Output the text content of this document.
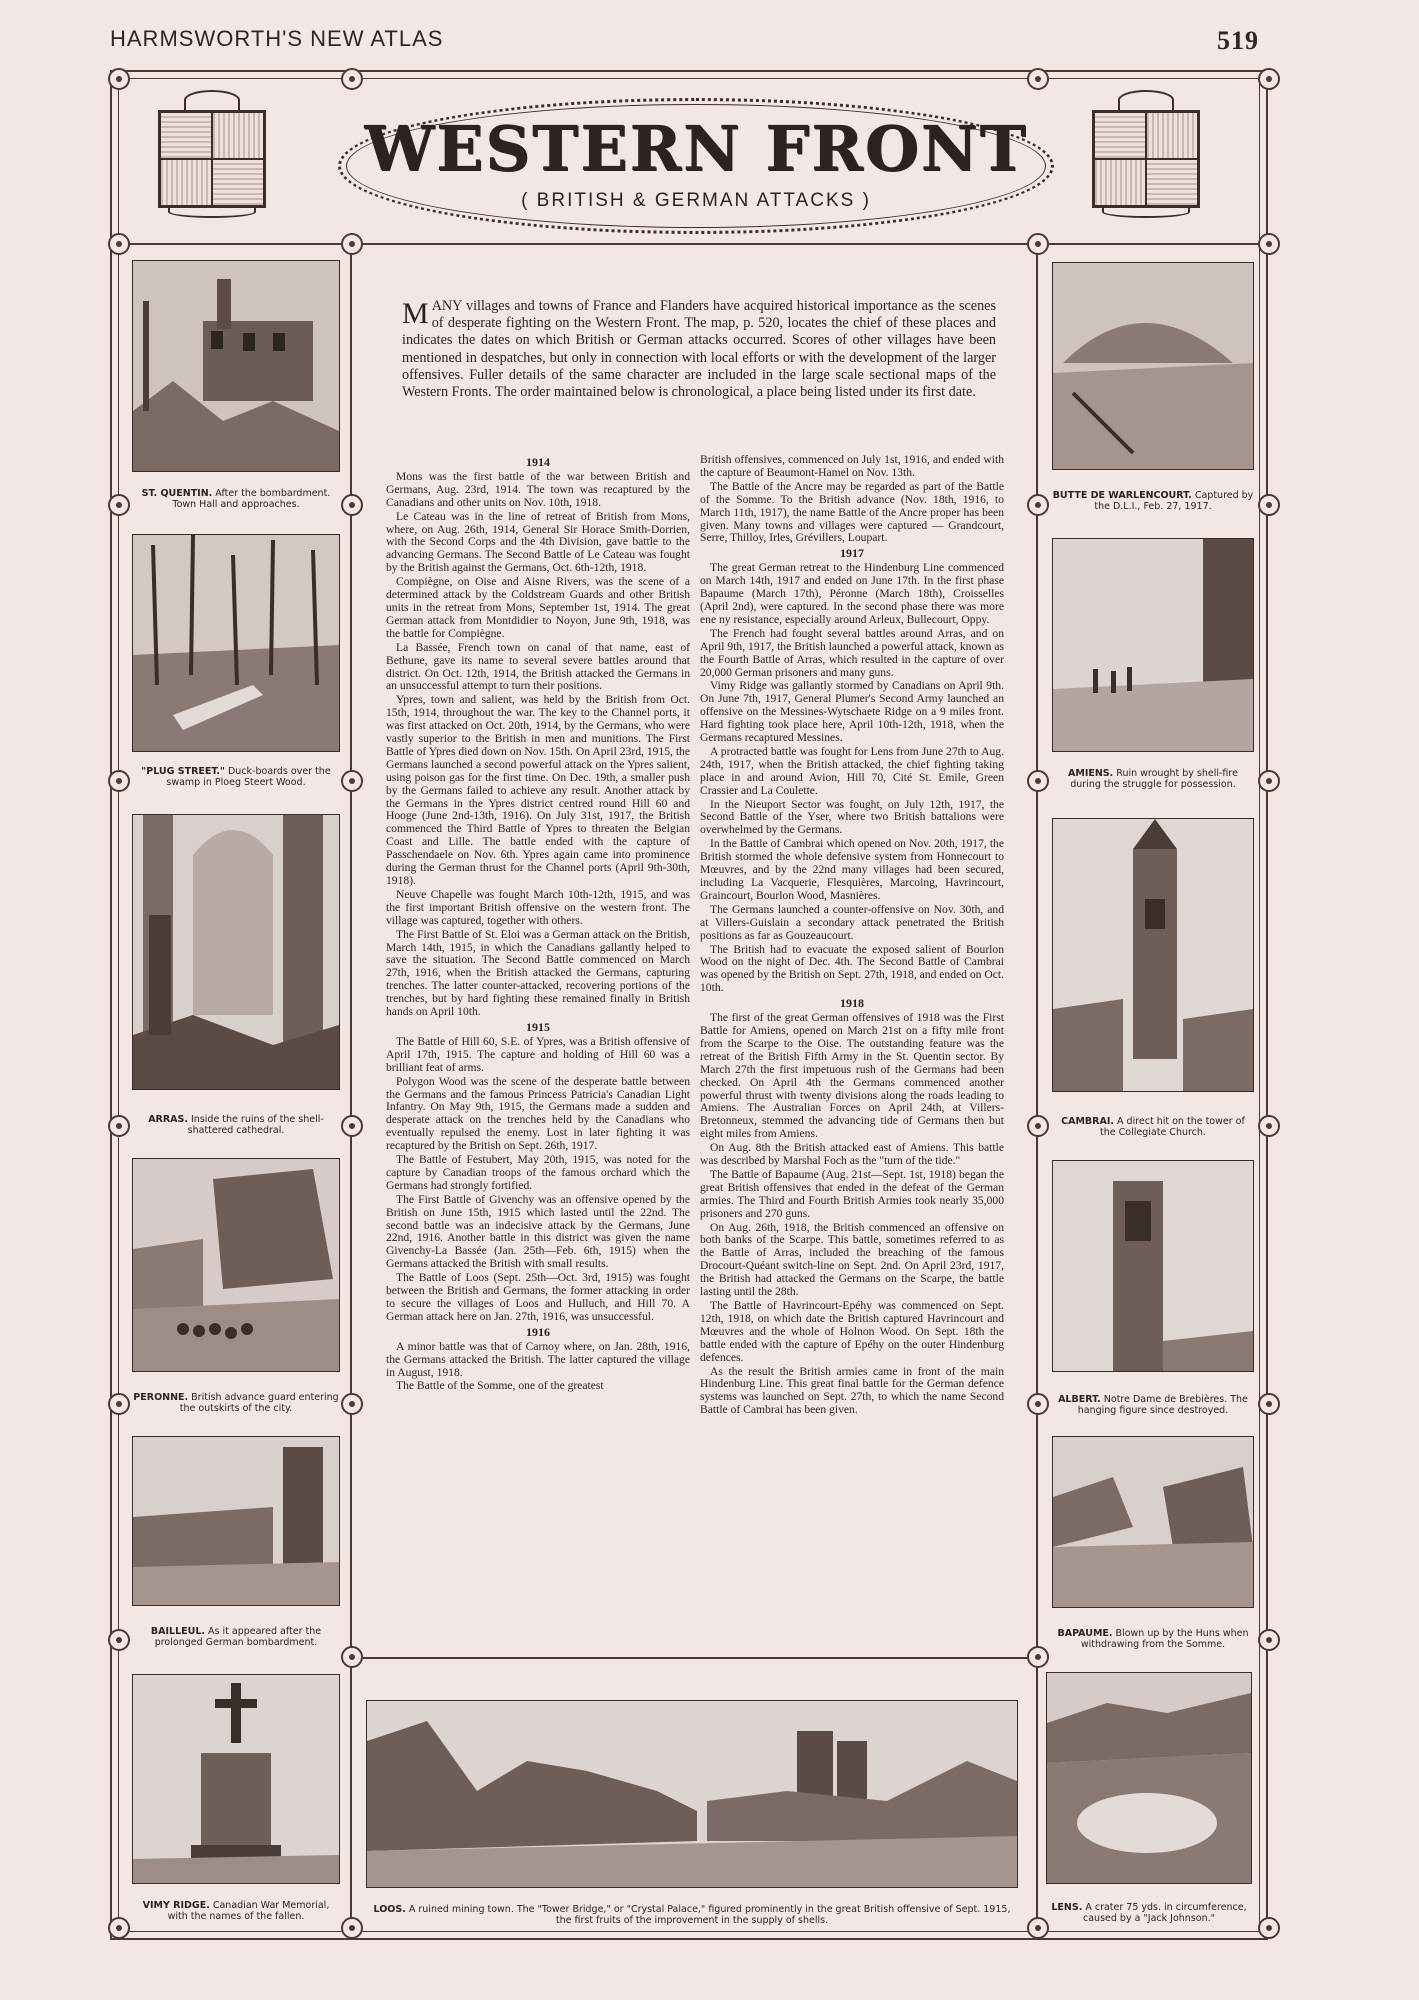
HARMSWORTH'S NEW ATLAS	519
WESTERN FRONT
( BRITISH & GERMAN ATTACKS )
ST. QUENTIN. After the bombardment. Town Hall and approaches.
"PLUG STREET." Duck-boards over the swamp in Ploeg Steert Wood.
ARRAS. Inside the ruins of the shell-shattered cathedral.
PERONNE. British advance guard entering the outskirts of the city.
BAILLEUL. As it appeared after the prolonged German bombardment.
VIMY RIDGE. Canadian War Memorial, with the names of the fallen.
BUTTE DE WARLENCOURT. Captured by the D.L.I., Feb. 27, 1917.
AMIENS. Ruin wrought by shell-fire during the struggle for possession.
CAMBRAI. A direct hit on the tower of the Collegiate Church.
ALBERT. Notre Dame de Brebières. The hanging figure since destroyed.
BAPAUME. Blown up by the Huns when withdrawing from the Somme.
LENS. A crater 75 yds. in circumference, caused by a "Jack Johnson."
LOOS. A ruined mining town. The "Tower Bridge," or "Crystal Palace," figured prominently in the great British offensive of Sept. 1915, the first fruits of the improvement in the supply of shells.
MANY villages and towns of France and Flanders have acquired historical importance as the scenes of desperate fighting on the Western Front. The map, p. 520, locates the chief of these places and indicates the dates on which British or German attacks occurred. Scores of other villages have been mentioned in despatches, but only in connection with local efforts or with the development of the larger offensives. Fuller details of the same character are included in the large scale sectional maps of the Western Fronts. The order maintained below is chronological, a place being listed under its first date.

1914

Mons was the first battle of the war between British and Germans, Aug. 23rd, 1914. The town was recaptured by the Canadians and other units on Nov. 10th, 1918.

Le Cateau was in the line of retreat of British from Mons, where, on Aug. 26th, 1914, General Sir Horace Smith-Dorrien, with the Second Corps and the 4th Division, gave battle to the advancing Germans. The Second Battle of Le Cateau was fought by the British against the Germans, Oct. 6th-12th, 1918.

Compiègne, on Oise and Aisne Rivers, was the scene of a determined attack by the Coldstream Guards and other British units in the retreat from Mons, September 1st, 1914. The great German attack from Montdidier to Noyon, June 9th, 1918, was the battle for Compiègne.

La Bassée, French town on canal of that name, east of Bethune, gave its name to several severe battles around that district. On Oct. 12th, 1914, the British attacked the Germans in an unsuccessful attempt to turn their positions.

Ypres, town and salient, was held by the British from Oct. 15th, 1914, throughout the war. The key to the Channel ports, it was first attacked on Oct. 20th, 1914, by the Germans, who were vastly superior to the British in men and munitions. The First Battle of Ypres died down on Nov. 15th. On April 23rd, 1915, the Germans launched a second powerful attack on the Ypres salient, using poison gas for the first time. On Dec. 19th, a smaller push by the Germans failed to achieve any result. Another attack by the Germans in the Ypres district centred round Hill 60 and Hooge (June 2nd-13th, 1916). On July 31st, 1917, the British commenced the Third Battle of Ypres to threaten the Belgian Coast and Lille. The battle ended with the capture of Passchendaele on Nov. 6th. Ypres again came into prominence during the German thrust for the Channel ports (April 9th-30th, 1918).

Neuve Chapelle was fought March 10th-12th, 1915, and was the first important British offensive on the western front. The village was captured, together with others.

The First Battle of St. Eloi was a German attack on the British, March 14th, 1915, in which the Canadians gallantly helped to save the situation. The Second Battle commenced on March 27th, 1916, when the British attacked the Germans, capturing trenches. The latter counter-attacked, recovering portions of the trenches, but by hard fighting these remained finally in British hands on April 10th.

1915

The Battle of Hill 60, S.E. of Ypres, was a British offensive of April 17th, 1915. The capture and holding of Hill 60 was a brilliant feat of arms.

Polygon Wood was the scene of the desperate battle between the Germans and the famous Princess Patricia's Canadian Light Infantry. On May 9th, 1915, the Germans made a sudden and desperate attack on the trenches held by the Canadians who eventually repulsed the enemy. Lost in later fighting it was recaptured by the British on Sept. 26th, 1917.

The Battle of Festubert, May 20th, 1915, was noted for the capture by Canadian troops of the famous orchard which the Germans had strongly fortified.

The First Battle of Givenchy was an offensive opened by the British on June 15th, 1915 which lasted until the 22nd. The second battle was an indecisive attack by the Germans, June 22nd, 1916. Another battle in this district was given the name Givenchy-La Bassée (Jan. 25th—Feb. 6th, 1915) when the Germans attacked the British with small results.

The Battle of Loos (Sept. 25th—Oct. 3rd, 1915) was fought between the British and Germans, the former attacking in order to secure the villages of Loos and Hulluch, and Hill 70. A German attack here on Jan. 27th, 1916, was unsuccessful.

1916

A minor battle was that of Carnoy where, on Jan. 28th, 1916, the Germans attacked the British. The latter captured the village in August, 1918.

The Battle of the Somme, one of the greatest

British offensives, commenced on July 1st, 1916, and ended with the capture of Beaumont-Hamel on Nov. 13th.

The Battle of the Ancre may be regarded as part of the Battle of the Somme. To the British advance (Nov. 18th, 1916, to March 11th, 1917), the name Battle of the Ancre proper has been given. Many towns and villages were captured — Grandcourt, Serre, Thilloy, Irles, Grévillers, Loupart.

1917

The great German retreat to the Hindenburg Line commenced on March 14th, 1917 and ended on June 17th. In the first phase Bapaume (March 17th), Péronne (March 18th), Croisselles (April 2nd), were captured. In the second phase there was more ene ny resistance, especially around Arleux, Bullecourt, Oppy.

The French had fought several battles around Arras, and on April 9th, 1917, the British launched a powerful attack, known as the Fourth Battle of Arras, which resulted in the capture of over 20,000 German prisoners and many guns.

Vimy Ridge was gallantly stormed by Canadians on April 9th. On June 7th, 1917, General Plumer's Second Army launched an offensive on the Messines-Wytschaete Ridge on a 9 miles front. Hard fighting took place here, April 10th-12th, 1918, when the Germans recaptured Messines.

A protracted battle was fought for Lens from June 27th to Aug. 24th, 1917, when the British attacked, the chief fighting taking place in and around Avion, Hill 70, Cité St. Emile, Green Crassier and La Coulette.

In the Nieuport Sector was fought, on July 12th, 1917, the Second Battle of the Yser, where two British battalions were overwhelmed by the Germans.

In the Battle of Cambrai which opened on Nov. 20th, 1917, the British stormed the whole defensive system from Honnecourt to Mœuvres, and by the 22nd many villages had been secured, including La Vacquerie, Flesquières, Marcoing, Havrincourt, Graincourt, Bourlon Wood, Masnières.

The Germans launched a counter-offensive on Nov. 30th, and at Villers-Guislain a secondary attack penetrated the British positions as far as Gouzeaucourt.

The British had to evacuate the exposed salient of Bourlon Wood on the night of Dec. 4th. The Second Battle of Cambrai was opened by the British on Sept. 27th, 1918, and ended on Oct. 10th.

1918

The first of the great German offensives of 1918 was the First Battle for Amiens, opened on March 21st on a fifty mile front from the Scarpe to the Oise. The outstanding feature was the retreat of the British Fifth Army in the St. Quentin sector. By March 27th the first impetuous rush of the Germans had been checked. On April 4th the Germans commenced another powerful thrust with twenty divisions along the roads leading to Amiens. The Australian Forces on April 24th, at Villers-Bretonneux, stemmed the advancing tide of Germans then but eight miles from Amiens.

On Aug. 8th the British attacked east of Amiens. This battle was described by Marshal Foch as the "turn of the tide."

The Battle of Bapaume (Aug. 21st—Sept. 1st, 1918) began the great British offensives that ended in the defeat of the German armies. The Third and Fourth British Armies took nearly 35,000 prisoners and 270 guns.

On Aug. 26th, 1918, the British commenced an offensive on both banks of the Scarpe. This battle, sometimes referred to as the Battle of Arras, included the breaching of the famous Drocourt-Quéant switch-line on Sept. 2nd. On April 23rd, 1917, the British had attacked the Germans on the Scarpe, the battle lasting until the 28th.

The Battle of Havrincourt-Epéhy was commenced on Sept. 12th, 1918, on which date the British captured Havrincourt and Mœuvres and the whole of Holnon Wood. On Sept. 18th the battle ended with the capture of Epéhy on the outer Hindenburg defences.

As the result the British armies came in front of the main Hindenburg Line. This great final battle for the German defence systems was launched on Sept. 27th, to which the name Second Battle of Cambrai has been given.
